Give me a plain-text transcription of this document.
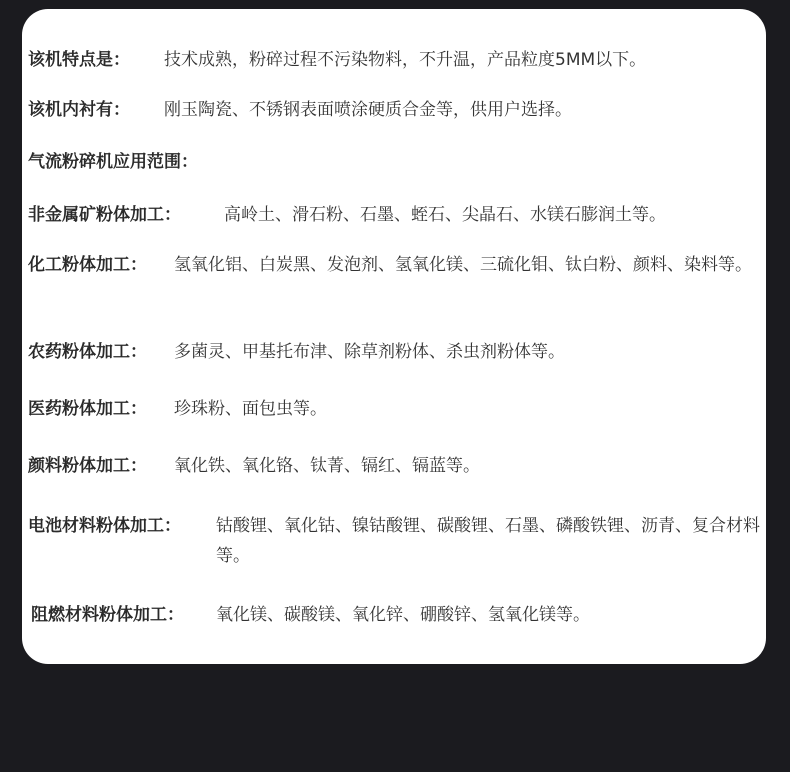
该机特点是： 技术成熟，粉碎过程不污染物料，不升温，产品粒度5MM以下。
该机内衬有： 刚玉陶瓷、不锈钢表面喷涂硬质合金等，供用户选择。
气流粉碎机应用范围：
非金属矿粉体加工：	高岭土、滑石粉、石墨、蛭石、尖晶石、水镁石膨润土等。
化工粉体加工： 氢氧化铝、白炭黑、发泡剂、氢氧化镁、三硫化钼、钛白粉、颜料、染料等。
农药粉体加工： 多菌灵、甲基托布津、除草剂粉体、杀虫剂粉体等。
医药粉体加工： 珍珠粉、面包虫等。
颜料粉体加工： 氧化铁、氧化铬、钛菁、镉红、镉蓝等。
电池材料粉体加工： 钴酸锂、氧化钴、镍钴酸锂、碳酸锂、石墨、磷酸铁锂、沥青、复合材料等。
阻燃材料粉体加工： 氧化镁、碳酸镁、氧化锌、硼酸锌、氢氧化镁等。
